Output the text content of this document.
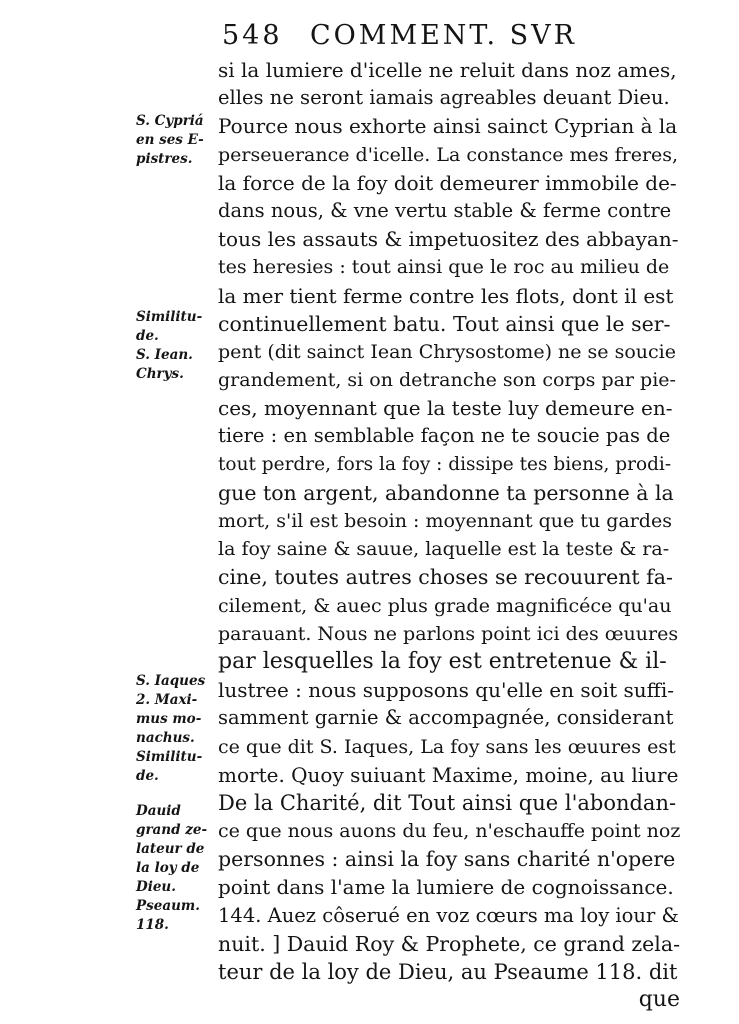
548 COMMENT. SVR
si la lumiere d'icelle ne reluit dans noz ames,
elles ne seront iamais agreables deuant Dieu.
Pource nous exhorte ainsi sainct Cyprian à la
perseuerance d'icelle. La constance mes freres,
la force de la foy doit demeurer immobile de-
dans nous, & vne vertu stable & ferme contre
tous les assauts & impetuositez des abbayan-
tes heresies : tout ainsi que le roc au milieu de
la mer tient ferme contre les flots, dont il est
continuellement batu. Tout ainsi que le ser-
pent (dit sainct Iean Chrysostome) ne se soucie
grandement, si on detranche son corps par pie-
ces, moyennant que la teste luy demeure en-
tiere : en semblable façon ne te soucie pas de
tout perdre, fors la foy : dissipe tes biens, prodi-
gue ton argent, abandonne ta personne à la
mort, s'il est besoin : moyennant que tu gardes
la foy saine & sauue, laquelle est la teste & ra-
cine, toutes autres choses se recouurent fa-
cilement, & auec plus grade magnificéce qu'au
parauant. Nous ne parlons point ici des œuures
par lesquelles la foy est entretenue & il-
lustree : nous supposons qu'elle en soit suffi-
samment garnie & accompagnée, considerant
ce que dit S. Iaques, La foy sans les œuures est
morte. Quoy suiuant Maxime, moine, au liure
De la Charité, dit Tout ainsi que l'abondan-
ce que nous auons du feu, n'eschauffe point noz
personnes : ainsi la foy sans charité n'opere
point dans l'ame la lumiere de cognoissance.
144. Auez côserué en voz cœurs ma loy iour &
nuit. ] Dauid Roy & Prophete, ce grand zela-
teur de la loy de Dieu, au Pseaume 118. dit
que
S. Cypriá
en ses E-
pistres.
Similitu-
de.
S. Iean.
Chrys.
S. Iaques
2. Maxi-
mus mo-
nachus.
Similitu-
de.
Dauid
grand ze-
lateur de
la loy de
Dieu.
Pseaum.
118.
